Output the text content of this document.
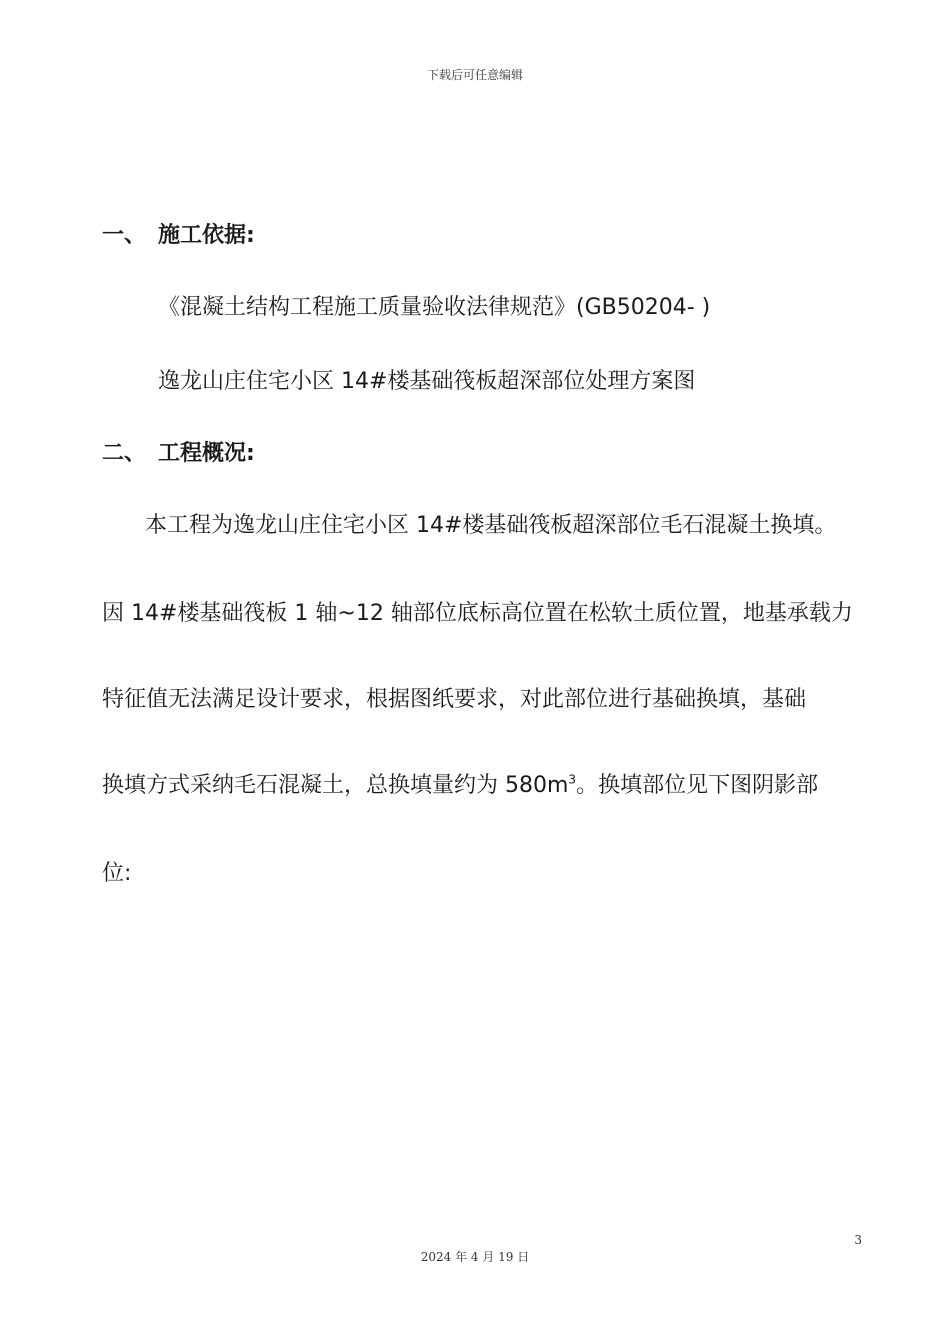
下载后可任意编辑
一、 施工依据:
《混凝土结构工程施工质量验收法律规范》(GB50204- )
逸龙山庄住宅小区 14#楼基础筏板超深部位处理方案图
二、 工程概况:
本工程为逸龙山庄住宅小区 14#楼基础筏板超深部位毛石混凝土换填。
因 14#楼基础筏板 1 轴~12 轴部位底标高位置在松软土质位置，地基承载力
特征值无法满足设计要求，根据图纸要求，对此部位进行基础换填，基础
换填方式采纳毛石混凝土，总换填量约为 $580m^3$。换填部位见下图阴影部
位:
3
2024 年 4 月 19 日
